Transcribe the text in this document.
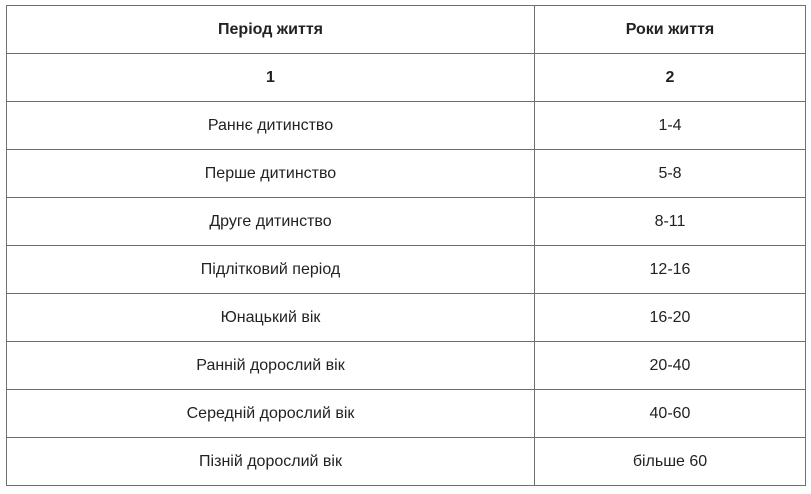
Період життя	Роки життя
1	2
Раннє дитинство	1-4
Перше дитинство	5-8
Друге дитинство	8-11
Підлітковий період	12-16
Юнацький вік	16-20
Ранній дорослий вік	20-40
Середній дорослий вік	40-60
Пізній дорослий вік	більше 60
